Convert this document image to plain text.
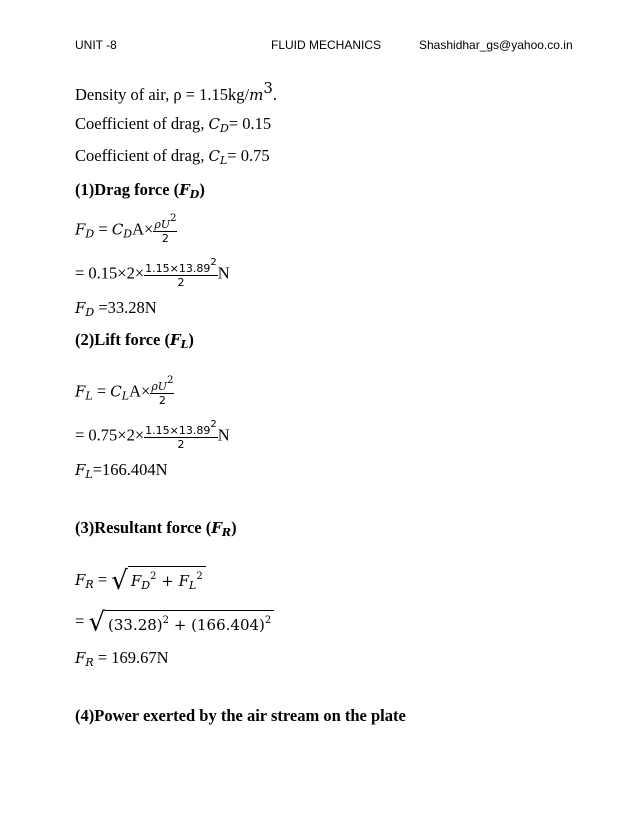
UNIT -8	FLUID MECHANICS	Shashidhar_gs@yahoo.co.in
Density of air, ρ = 1.15kg/m3.
Coefficient of drag, $C_D= 0.15$
Coefficient of drag, $C_L= 0.75$
(1)Drag force $(F_D)$
$F_D = C_DA\times \frac{\rho U2}{2}$
= $0.15\times 2\times \frac{1.15\times 13.892}{2}$ N
$F_D =33.28N$
(2)Lift force $(F_L)$
$F_L = C_LA\times \frac{\rho U2}{2}$
= $0.75\times 2\times \frac{1.15\times 13.892}{2}$ N
$F_L=166.404N$
(3)Resultant force $(F_R)$
$F_R$ = √ $F_D^2 + F_L^2$
= √ $(33.28)^2 + (166.404)^2$
$F_R = 169.67N$
(4)Power exerted by the air stream on the plate
